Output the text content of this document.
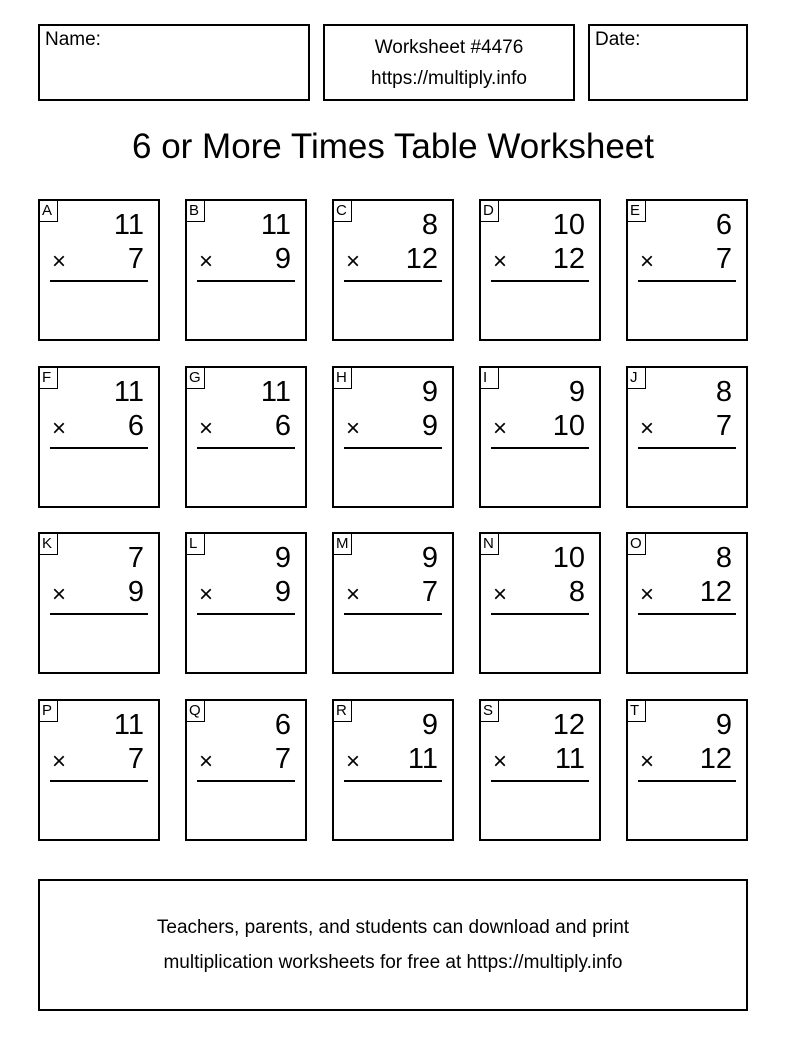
Name:	Worksheet #4476
https://multiply.info
Date:
6 or More Times Table Worksheet
A 11
× 7
B 11
× 9
C	8
× 12
D 10
× 12
E	6
× 7
F 11
× 6
G 11
× 6
H	9
× 9
I	9
× 10
J	8
× 7
K	7
× 9
L	9
× 9
M	9
× 7
N 10
× 8
O	8
× 12
P 11
× 7
Q	6
× 7
R	9
× 11
S 12
× 11
T	9
× 12
Teachers, parents, and students can download and print
multiplication worksheets for free at https://multiply.info
